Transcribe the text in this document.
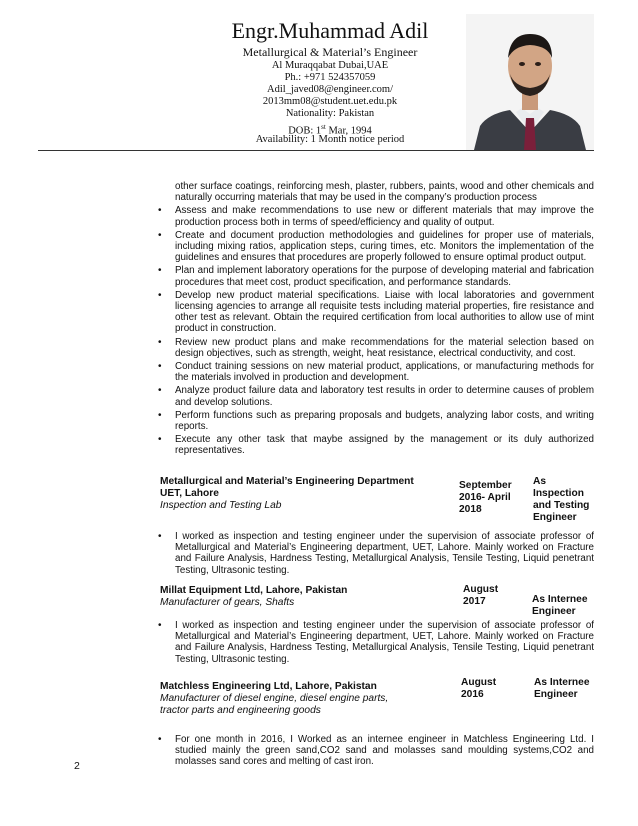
Engr.Muhammad Adil
Metallurgical & Material’s Engineer
Al Muraqqabat Dubai,UAE
Ph.: +971 524357059
Adil_javed08@engineer.com/
2013mm08@student.uet.edu.pk
Nationality: Pakistan
DOB: 1st Mar, 1994
other surface coatings, reinforcing mesh, plaster, rubbers, paints, wood and other chemicals and naturally occurring materials that may be used in the company’s production process
• Assess and make recommendations to use new or different materials that may improve the production process both in terms of speed/efficiency and quality of output.
• Create and document production methodologies and guidelines for proper use of materials, including mixing ratios, application steps, curing times, etc. Monitors the implementation of the guidelines and ensures that procedures are properly followed to ensure optimal product output.
• Plan and implement laboratory operations for the purpose of developing material and fabrication procedures that meet cost, product specification, and performance standards.
• Develop new product material specifications. Liaise with local laboratories and government licensing agencies to arrange all requisite tests including material properties, fire resistance and other test as relevant. Obtain the required certification from local authorities to allow use of mint product in construction.
• Review new product plans and make recommendations for the material selection based on design objectives, such as strength, weight, heat resistance, electrical conductivity, and cost.
• Conduct training sessions on new material product, applications, or manufacturing methods for the materials involved in production and development.
• Analyze product failure data and laboratory test results in order to determine causes of problem and develop solutions.
• Perform functions such as preparing proposals and budgets, analyzing labor costs, and writing reports.
• Execute any other task that maybe assigned by the management or its duly authorized representatives.
Metallurgical and Material’s Engineering Department
UET, Lahore
Inspection and Testing Lab
September
2016- April
2018
As
Inspection
and Testing
Engineer
• I worked as inspection and testing engineer under the supervision of associate professor of Metallurgical and Material’s Engineering department, UET, Lahore. Mainly worked on Fracture and Failure Analysis, Hardness Testing, Metallurgical Analysis, Tensile Testing, Liquid penetrant Testing, Ultrasonic testing.
Millat Equipment Ltd, Lahore, Pakistan
Manufacturer of gears, Shafts
August
2017	As Internee
Engineer
• I worked as inspection and testing engineer under the supervision of associate professor of Metallurgical and Material’s Engineering department, UET, Lahore. Mainly worked on Fracture and Failure Analysis, Hardness Testing, Metallurgical Analysis, Tensile Testing, Liquid penetrant Testing, Ultrasonic testing.
Matchless Engineering Ltd, Lahore, Pakistan
Manufacturer of diesel engine, diesel engine parts,
tractor parts and engineering goods
August
2016
As Internee
Engineer
• For one month in 2016, I Worked as an internee engineer in Matchless Engineering Ltd. I studied mainly the green sand,CO2 sand and molasses sand moulding systems,CO2 and molasses sand cores and melting of cast iron.
2
Availability: 1 Month notice period
